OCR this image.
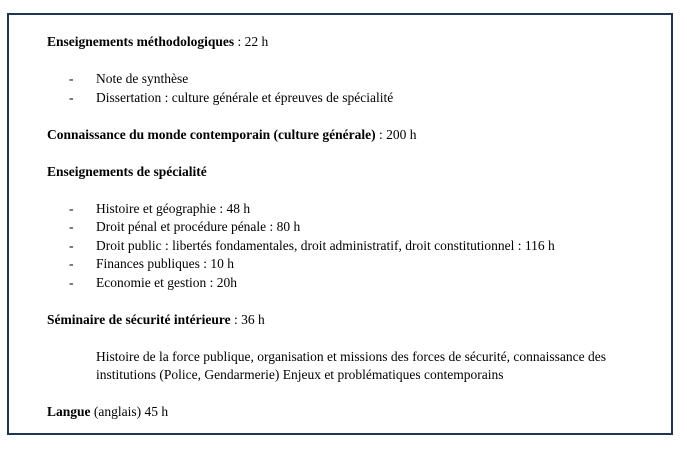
Enseignements méthodologiques : 22 h
- Note de synthèse
- Dissertation : culture générale et épreuves de spécialité
Connaissance du monde contemporain (culture générale) : 200 h
Enseignements de spécialité
- Histoire et géographie : 48 h
- Droit pénal et procédure pénale : 80 h
- Droit public : libertés fondamentales, droit administratif, droit constitutionnel : 116 h
- Finances publiques : 10 h
- Economie et gestion : 20h
Séminaire de sécurité intérieure : 36 h
Histoire de la force publique, organisation et missions des forces de sécurité, connaissance des institutions (Police, Gendarmerie) Enjeux et problématiques contemporains
Langue (anglais) 45 h
